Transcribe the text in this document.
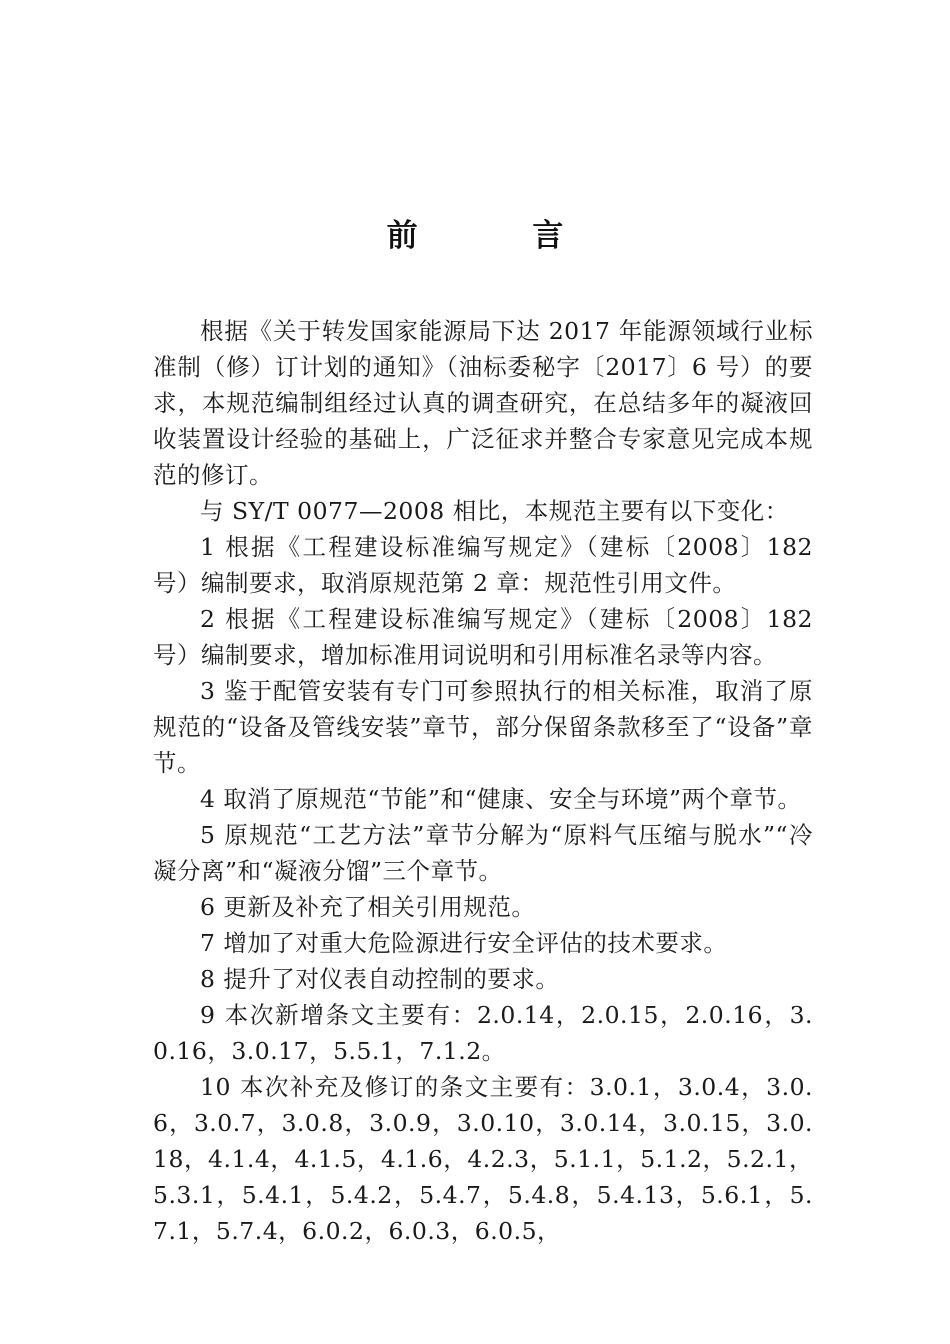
前 言

根据《关于转发国家能源局下达 2017 年能源领域行业标准制（修）订计划的通知》（油标委秘字〔2017〕6 号）的要求，本规范编制组经过认真的调查研究，在总结多年的凝液回收装置设计经验的基础上，广泛征求并整合专家意见完成本规范的修订。

与 SY/T 0077—2008 相比，本规范主要有以下变化：

1 根据《工程建设标准编写规定》（建标〔2008〕182 号）编制要求，取消原规范第 2 章：规范性引用文件。

2 根据《工程建设标准编写规定》（建标〔2008〕182 号）编制要求，增加标准用词说明和引用标准名录等内容。

3 鉴于配管安装有专门可参照执行的相关标准，取消了原规范的“设备及管线安装”章节，部分保留条款移至了“设备”章节。

4 取消了原规范“节能”和“健康、安全与环境”两个章节。

5 原规范“工艺方法”章节分解为“原料气压缩与脱水”“冷凝分离”和“凝液分馏”三个章节。

6 更新及补充了相关引用规范。

7 增加了对重大危险源进行安全评估的技术要求。

8 提升了对仪表自动控制的要求。

9 本次新增条文主要有：2.0.14，2.0.15，2.0.16，3.0.16，3.0.17，5.5.1，7.1.2。

10 本次补充及修订的条文主要有：3.0.1，3.0.4，3.0.6，3.0.7，3.0.8，3.0.9，3.0.10，3.0.14，3.0.15，3.0.18，4.1.4，4.1.5，4.1.6，4.2.3，5.1.1，5.1.2，5.2.1，5.3.1，5.4.1，5.4.2，5.4.7，5.4.8，5.4.13，5.6.1，5.7.1，5.7.4，6.0.2，6.0.3，6.0.5，
